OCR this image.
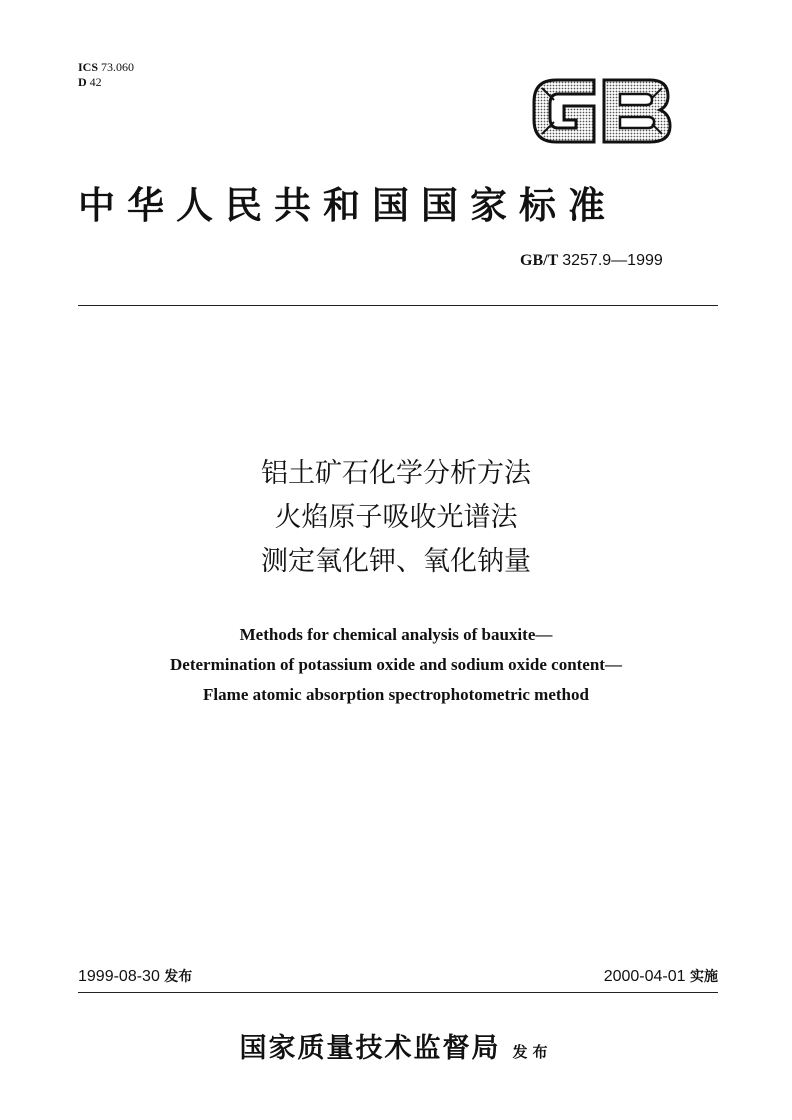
ICS 73.060
D 42
中华人民共和国国家标准
GB/T 3257.9—1999
铝土矿石化学分析方法
火焰原子吸收光谱法
测定氧化钾、氧化钠量
Methods for chemical analysis of bauxite—
Determination of potassium oxide and sodium oxide content—
Flame atomic absorption spectrophotometric method
1999-08-30 发布	2000-04-01 实施
国家质量技术监督局 发布
